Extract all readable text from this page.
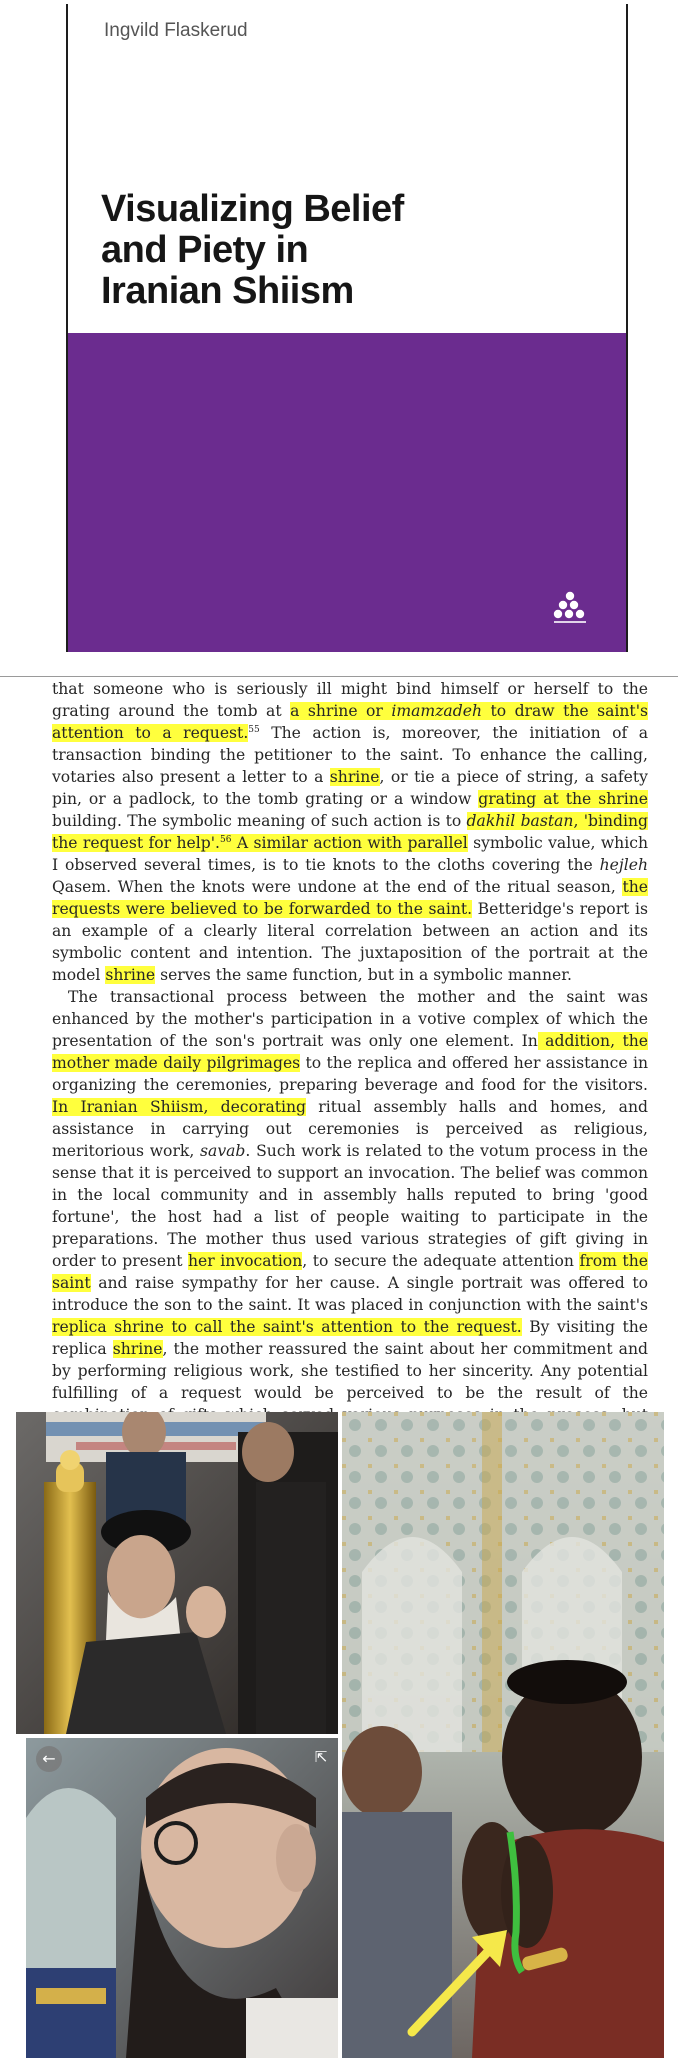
Ingvild Flaskerud
Visualizing Belief
and Piety in
Iranian Shiism

that someone who is seriously ill might bind himself or herself to the grating around the tomb at a shrine or imamzadeh to draw the saint's attention to a request.$^{55}$ The action is, moreover, the initiation of a transaction binding the petitioner to the saint. To enhance the calling, votaries also present a letter to a shrine, or tie a piece of string, a safety pin, or a padlock, to the tomb grating or a window grating at the shrine building. The symbolic meaning of such action is to dakhil bastan, 'binding the request for help'.$^{56}$ A similar action with parallel symbolic value, which I observed several times, is to tie knots to the cloths covering the hejleh Qasem. When the knots were undone at the end of the ritual season, the requests were believed to be forwarded to the saint. Betteridge's report is an example of a clearly literal correlation between an action and its symbolic content and intention. The juxtaposition of the portrait at the model shrine serves the same function, but in a symbolic manner.

The transactional process between the mother and the saint was enhanced by the mother's participation in a votive complex of which the presentation of the son's portrait was only one element. In addition, the mother made daily pilgrimages to the replica and offered her assistance in organizing the ceremonies, preparing beverage and food for the visitors. In Iranian Shiism, decorating ritual assembly halls and homes, and assistance in carrying out ceremonies is perceived as religious, meritorious work, savab. Such work is related to the votum process in the sense that it is perceived to support an invocation. The belief was common in the local community and in assembly halls reputed to bring 'good fortune', the host had a list of people waiting to participate in the preparations. The mother thus used various strategies of gift giving in order to present her invocation, to secure the adequate attention from the saint and raise sympathy for her cause. A single portrait was offered to introduce the son to the saint. It was placed in conjunction with the saint's replica shrine to call the saint's attention to the request. By visiting the replica shrine, the mother reassured the saint about her commitment and by performing religious work, she testified to her sincerity. Any potential fulfilling of a request would be perceived to be the result of the

←	⇱
